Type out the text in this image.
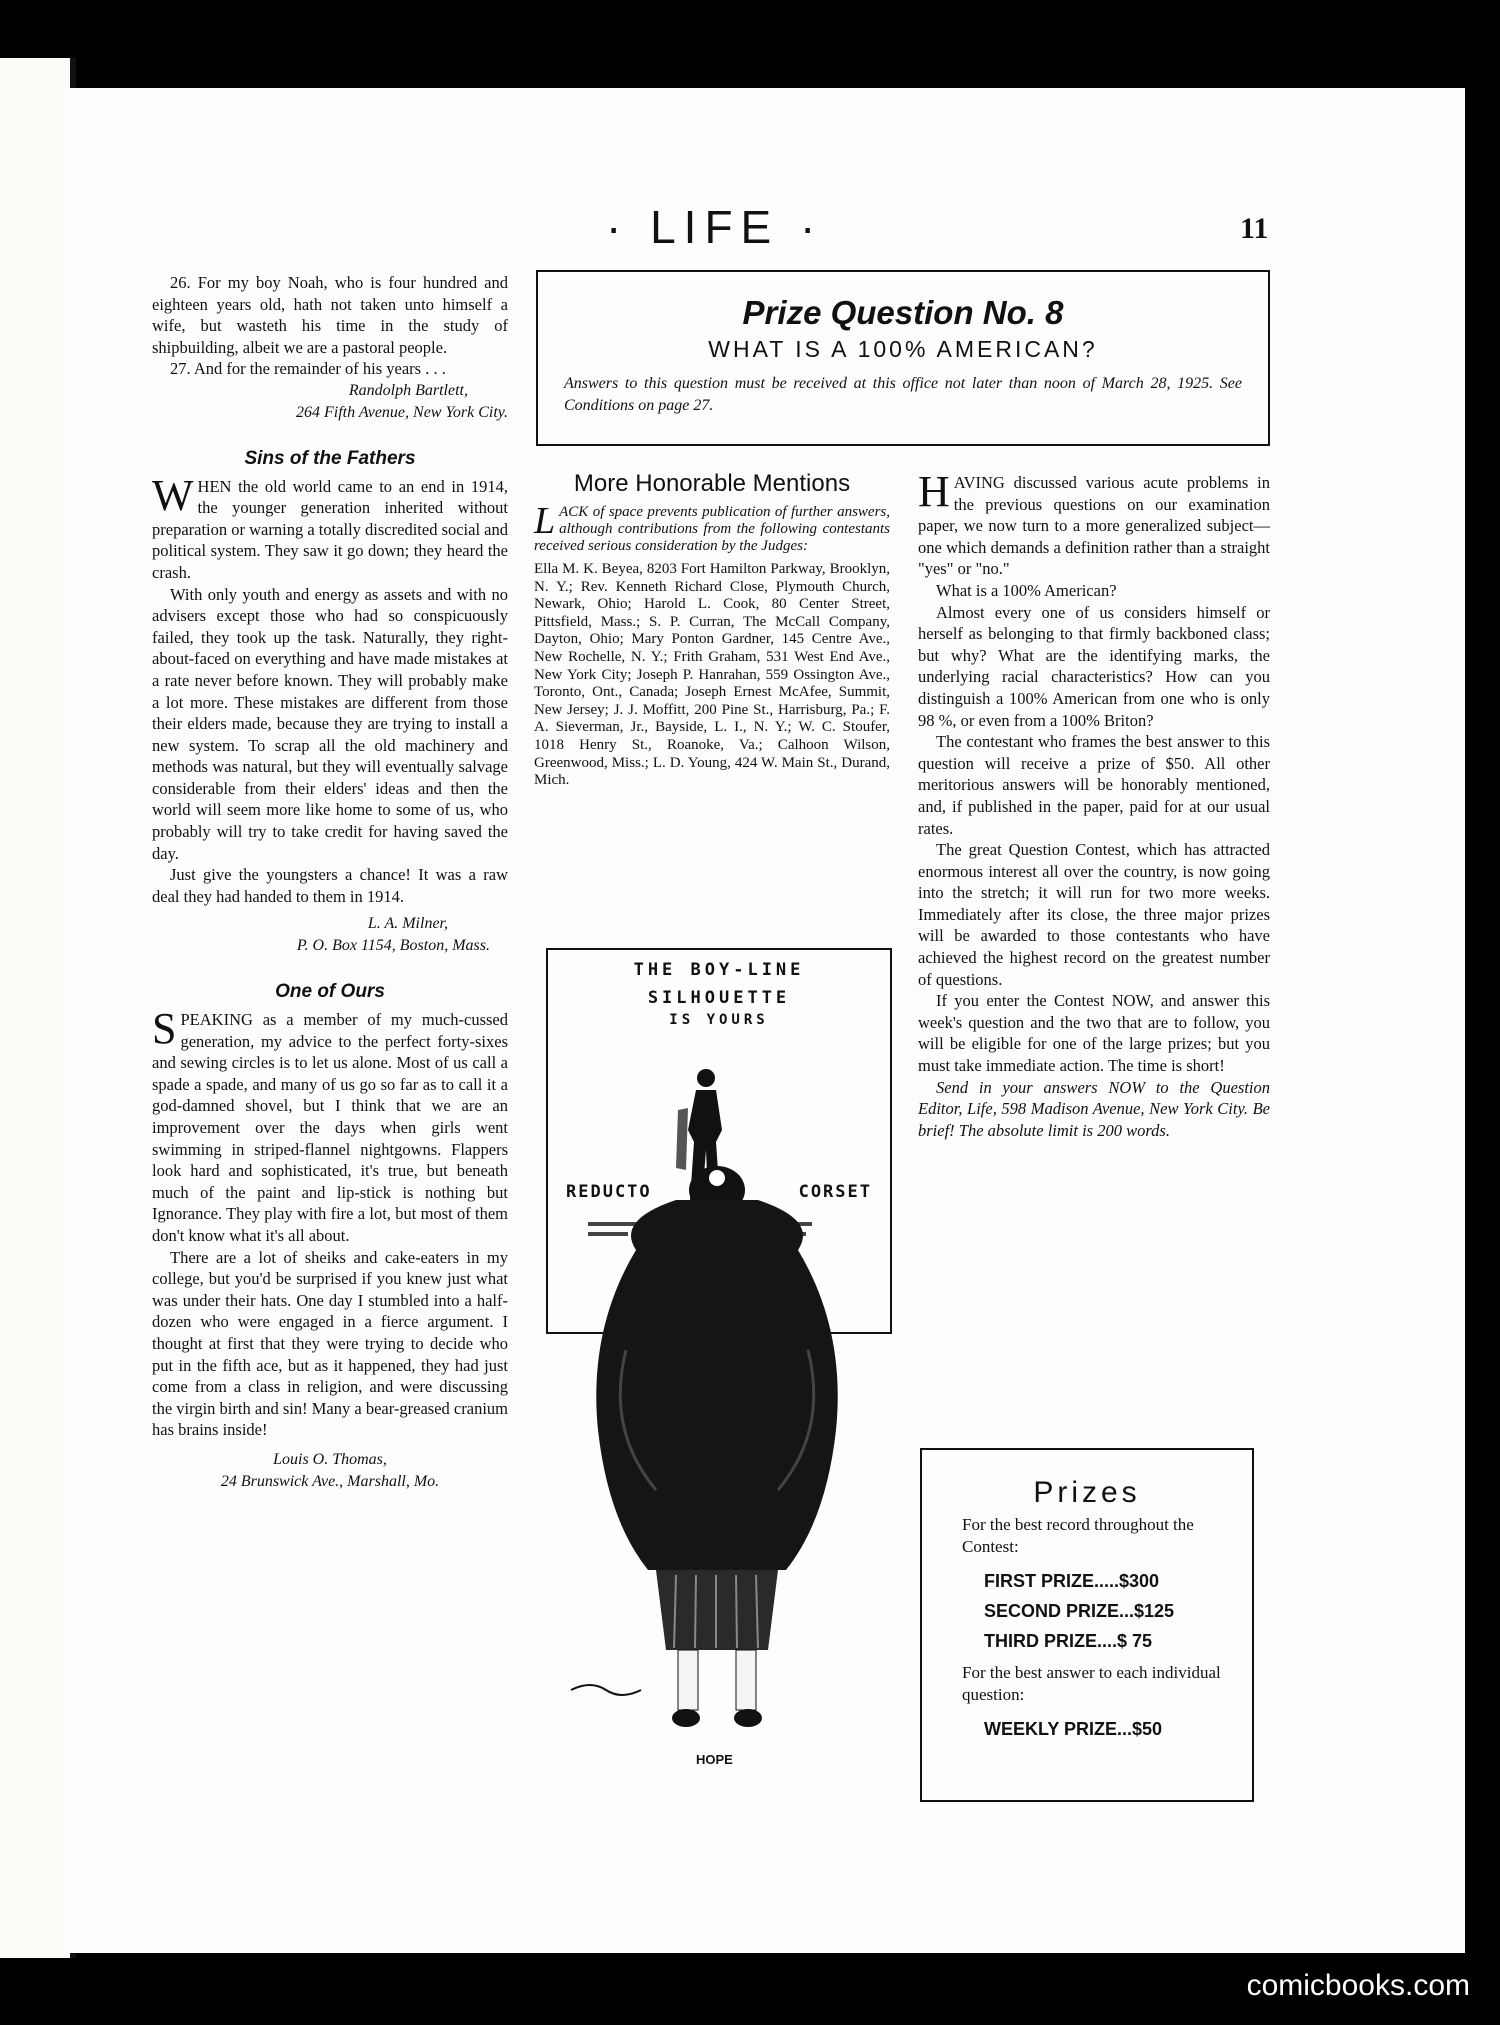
· LIFE ·	11

26. For my boy Noah, who is four hundred and eighteen years old, hath not taken unto himself a wife, but wasteth his time in the study of shipbuilding, albeit we are a pastoral people.

27. And for the remainder of his years . . .

Randolph Bartlett,
264 Fifth Avenue, New York City.
Sins of the Fathers
W HEN the old world came to an end in 1914, the younger generation inherited without preparation or warning a totally discredited social and political system. They saw it go down; they heard the crash.

With only youth and energy as assets and with no advisers except those who had so conspicuously failed, they took up the task. Naturally, they right-about-faced on everything and have made mistakes at a rate never before known. They will probably make a lot more. These mistakes are different from those their elders made, because they are trying to install a new system. To scrap all the old machinery and methods was natural, but they will eventually salvage considerable from their elders' ideas and then the world will seem more like home to some of us, who probably will try to take credit for having saved the day.

Just give the youngsters a chance! It was a raw deal they had handed to them in 1914.

L. A. Milner,
P. O. Box 1154, Boston, Mass.
One of Ours
S PEAKING as a member of my much-cussed generation, my advice to the perfect forty-sixes and sewing circles is to let us alone. Most of us call a spade a spade, and many of us go so far as to call it a god-damned shovel, but I think that we are an improvement over the days when girls went swimming in striped-flannel nightgowns. Flappers look hard and sophisticated, it's true, but beneath much of the paint and lip-stick is nothing but Ignorance. They play with fire a lot, but most of them don't know what it's all about.

There are a lot of sheiks and cake-eaters in my college, but you'd be surprised if you knew just what was under their hats. One day I stumbled into a half-dozen who were engaged in a fierce argument. I thought at first that they were trying to decide who put in the fifth ace, but as it happened, they had just come from a class in religion, and were discussing the virgin birth and sin! Many a bear-greased cranium has brains inside!

Louis O. Thomas,
24 Brunswick Ave., Marshall, Mo.
Prize Question No. 8
WHAT IS A 100% AMERICAN?
Answers to this question must be received at this office not later than noon of March 28, 1925. See Conditions on page 27.
More Honorable Mentions
L ACK of space prevents publication of further answers, although contributions from the following contestants received serious consideration by the Judges:
Ella M. K. Beyea, 8203 Fort Hamilton Parkway, Brooklyn, N. Y.; Rev. Kenneth Richard Close, Plymouth Church, Newark, Ohio; Harold L. Cook, 80 Center Street, Pittsfield, Mass.; S. P. Curran, The McCall Company, Dayton, Ohio; Mary Ponton Gardner, 145 Centre Ave., New Rochelle, N. Y.; Frith Graham, 531 West End Ave., New York City; Joseph P. Hanrahan, 559 Ossington Ave., Toronto, Ont., Canada; Joseph Ernest McAfee, Summit, New Jersey; J. J. Moffitt, 200 Pine St., Harrisburg, Pa.; F. A. Sieverman, Jr., Bayside, L. I., N. Y.; W. C. Stoufer, 1018 Henry St., Roanoke, Va.; Calhoon Wilson, Greenwood, Miss.; L. D. Young, 424 W. Main St., Durand, Mich.
THE BOY-LINE
SILHOUETTE
IS YOURS
REDUCTO	CORSET
HOPE
H AVING discussed various acute problems in the previous questions on our examination paper, we now turn to a more generalized subject—one which demands a definition rather than a straight "yes" or "no."

What is a 100% American?

Almost every one of us considers himself or herself as belonging to that firmly backboned class; but why? What are the identifying marks, the underlying racial characteristics? How can you distinguish a 100% American from one who is only 98 %, or even from a 100% Briton?

The contestant who frames the best answer to this question will receive a prize of $50. All other meritorious answers will be honorably mentioned, and, if published in the paper, paid for at our usual rates.

The great Question Contest, which has attracted enormous interest all over the country, is now going into the stretch; it will run for two more weeks. Immediately after its close, the three major prizes will be awarded to those contestants who have achieved the highest record on the greatest number of questions.

If you enter the Contest NOW, and answer this week's question and the two that are to follow, you will be eligible for one of the large prizes; but you must take immediate action. The time is short!

Send in your answers NOW to the Question Editor, Life, 598 Madison Avenue, New York City. Be brief! The absolute limit is 200 words.

Prizes
For the best record throughout the Contest:
FIRST PRIZE.....$300
SECOND PRIZE...$125
THIRD PRIZE....$ 75
For the best answer to each individual question:
WEEKLY PRIZE...$50
comicbooks.com
